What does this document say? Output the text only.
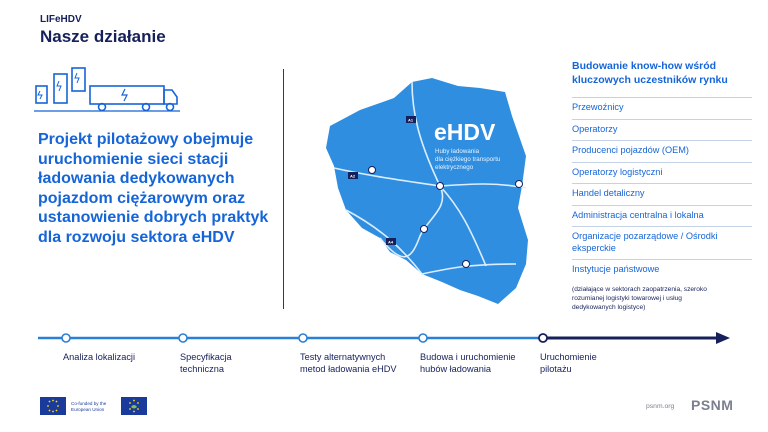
LIFeHDV
Nasze działanie
Projekt pilotażowy obejmuje uruchomienie sieci stacji ładowania dedykowanych pojazdom ciężarowym oraz ustanowienie dobrych praktyk dla rozwoju sektora eHDV
A1
A2
A4
eHDV
Huby ładowania
dla ciężkiego transportu
elektrycznego
Budowanie know-how wśród kluczowych uczestników rynku
Przewoźnicy
Operatorzy
Producenci pojazdów (OEM)
Operatorzy logistyczni
Handel detaliczny
Administracja centralna i lokalna
Organizacje pozarządowe / Ośrodki eksperckie
Instytucje państwowe
(działające w sektorach zaopatrzenia, szeroko rozumianej logistyki towarowej i usług dedykowanych logistyce)
Analiza lokalizacji	Specyfikacja techniczna
Testy alternatywnych metod ładowania eHDV
Budowa i uruchomienie hubów ładowania
Uruchomienie pilotażu
Co-funded by the European Union	psnm.org PSNM
